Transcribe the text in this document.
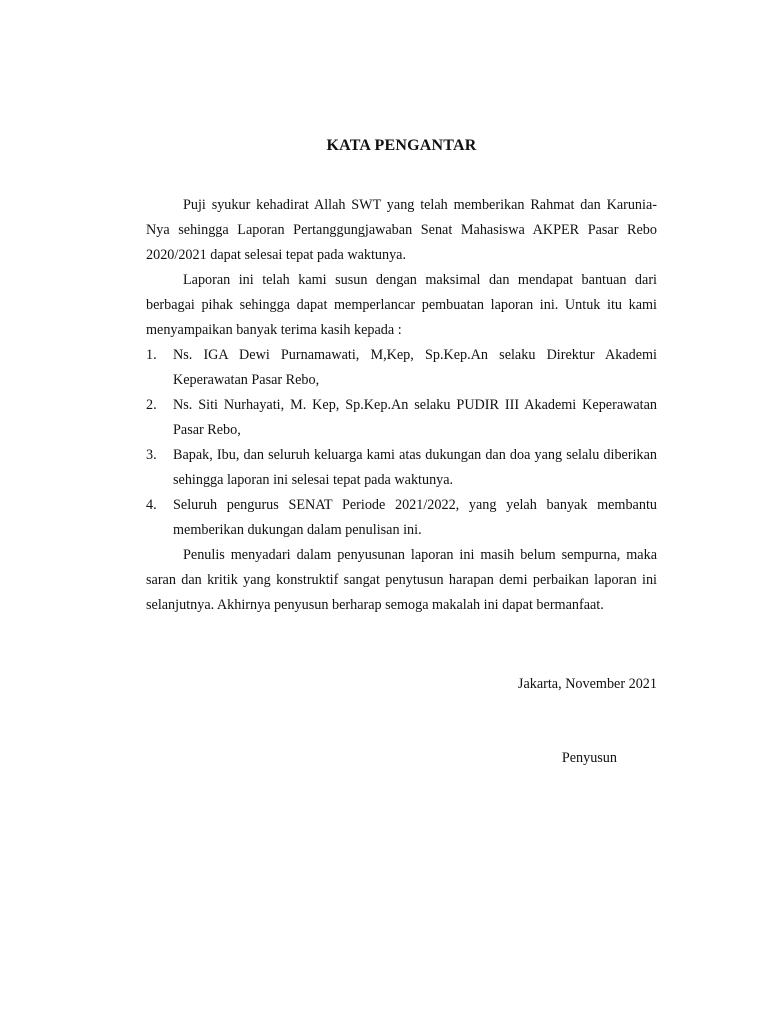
KATA PENGANTAR

Puji syukur kehadirat Allah SWT yang telah memberikan Rahmat dan Karunia-Nya sehingga Laporan Pertanggungjawaban Senat Mahasiswa AKPER Pasar Rebo 2020/2021 dapat selesai tepat pada waktunya.

Laporan ini telah kami susun dengan maksimal dan mendapat bantuan dari berbagai pihak sehingga dapat memperlancar pembuatan laporan ini. Untuk itu kami menyampaikan banyak terima kasih kepada :

1. Ns. IGA Dewi Purnamawati, M,Kep, Sp.Kep.An selaku Direktur Akademi Keperawatan Pasar Rebo,
2. Ns. Siti Nurhayati, M. Kep, Sp.Kep.An selaku PUDIR III Akademi Keperawatan Pasar Rebo,
3. Bapak, Ibu, dan seluruh keluarga kami atas dukungan dan doa yang selalu diberikan sehingga laporan ini selesai tepat pada waktunya.
4. Seluruh pengurus SENAT Periode 2021/2022, yang yelah banyak membantu memberikan dukungan dalam penulisan ini.

Penulis menyadari dalam penyusunan laporan ini masih belum sempurna, maka saran dan kritik yang konstruktif sangat penytusun harapan demi perbaikan laporan ini selanjutnya. Akhirnya penyusun berharap semoga makalah ini dapat bermanfaat.

Jakarta, November 2021
Penyusun
